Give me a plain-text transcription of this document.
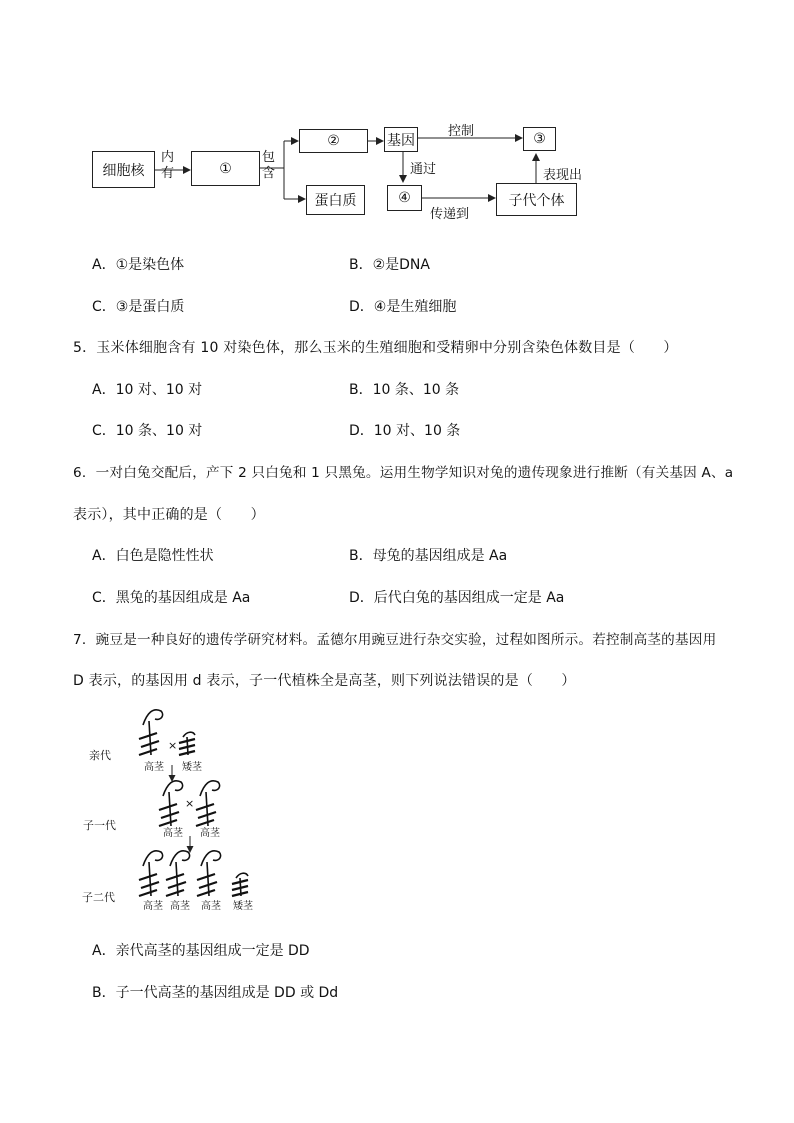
细胞核
内
有	①
包
含
②
蛋白质
基因
控制	③
通过	表现出
④
传递到
子代个体
A．①是染色体	B．②是DNA
C．③是蛋白质	D．④是生殖细胞
5．玉米体细胞含有 10 对染色体，那么玉米的生殖细胞和受精卵中分别含染色体数目是（　　）
A．10 对、10 对	B．10 条、10 条
C．10 条、10 对	D．10 对、10 条
6．一对白兔交配后，产下 2 只白兔和 1 只黑兔。运用生物学知识对兔的遗传现象进行推断（有关基因 A、a
表示），其中正确的是（　　）
A．白色是隐性性状	B．母兔的基因组成是 Aa
C．黑兔的基因组成是 Aa	D．后代白兔的基因组成一定是 Aa
7．豌豆是一种良好的遗传学研究材料。孟德尔用豌豆进行杂交实验，过程如图所示。若控制高茎的基因用
D 表示，的基因用 d 表示，子一代植株全是高茎，则下列说法错误的是（　　）
亲代
×
高茎 矮茎
子一代
×
高茎 高茎
子二代
高茎 高茎 高茎 矮茎
A．亲代高茎的基因组成一定是 DD
B．子一代高茎的基因组成是 DD 或 Dd
